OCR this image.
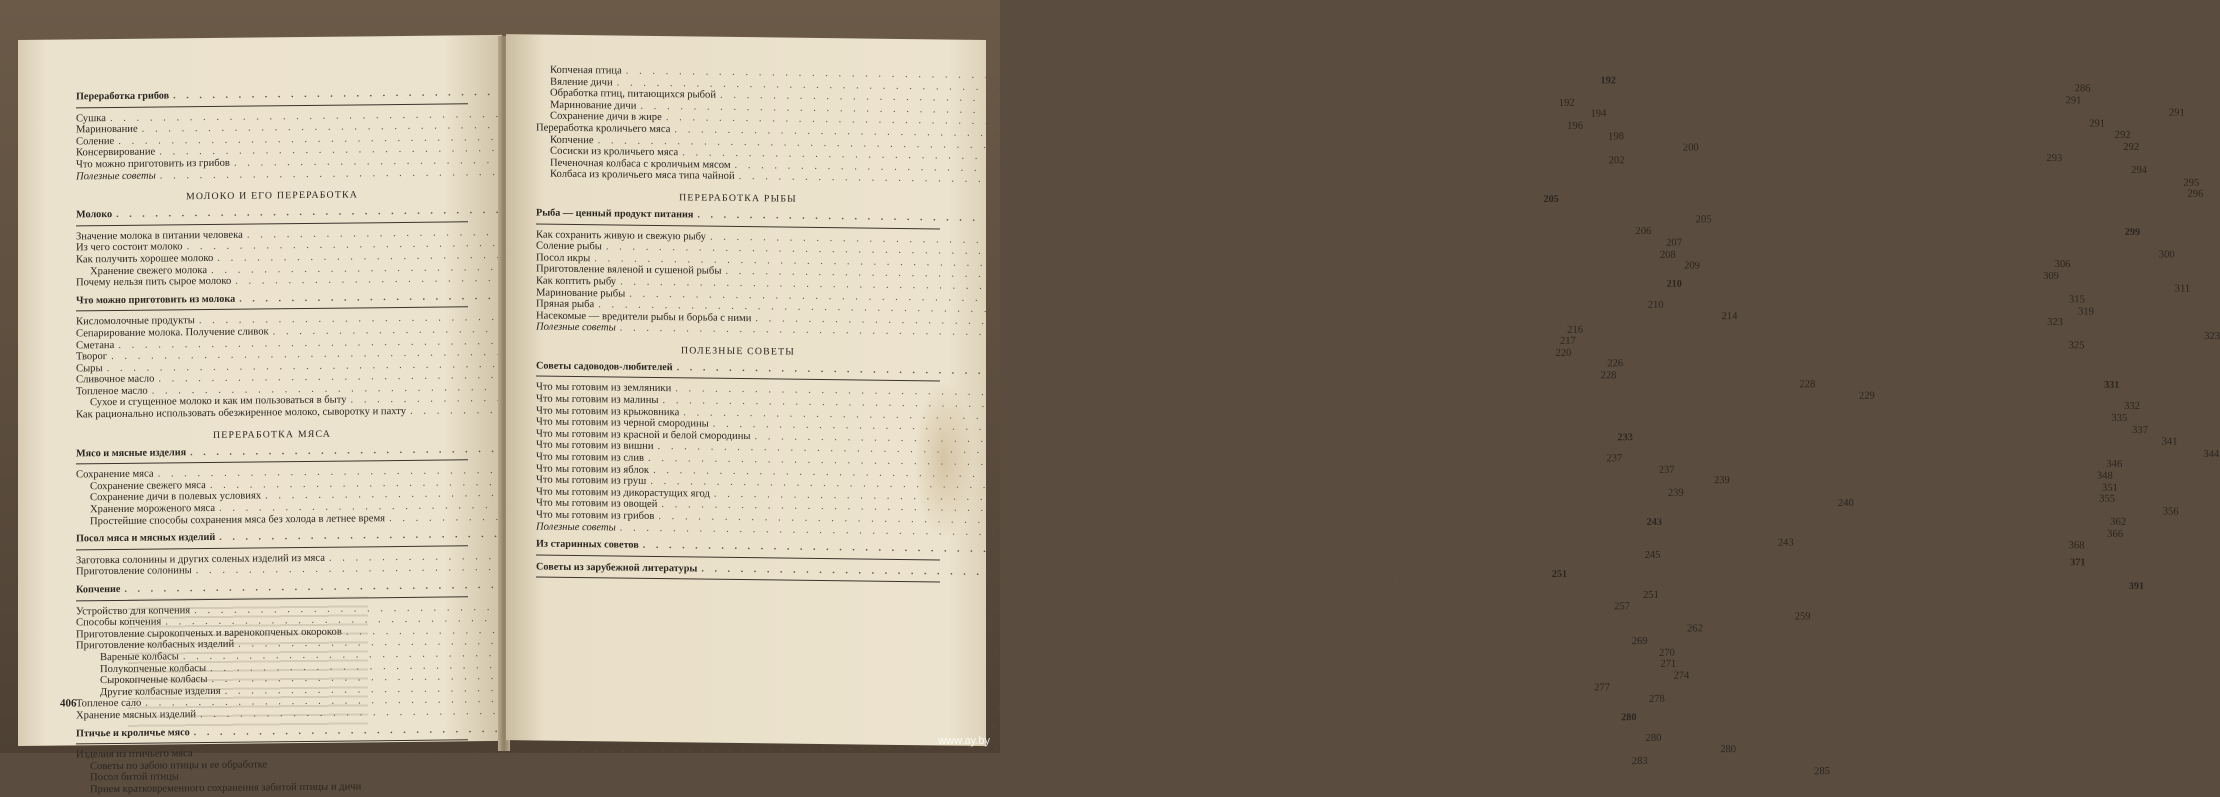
Переработка грибов
. . .
192
Сушка
. . .
192
Маринование
. . .
194
Соление
. . .
196
Консервирование
. . .
198
Что можно приготовить из грибов
. . .
200
Полезные советы
. . .
202
МОЛОКО И ЕГО ПЕРЕРАБОТКА
Молоко
. . .
205
Значение молока в питании человека
. . .
205
Из чего состоит молоко
. . .
206
Как получить хорошее молоко
. . .
207
Хранение свежего молока
. . .
208
Почему нельзя пить сырое молоко
. . .
209
Что можно приготовить из молока
. . .
210
Кисломолочные продукты
. . .
210
Сепарирование молока. Получение сливок
. . .
214
Сметана
. . .
216
Творог
. . .
217
Сыры
. . .
220
Сливочное масло
. . .
226
Топленое масло
. . .
228
Сухое и сгущенное молоко и как им пользоваться в быту
. . .
228
Как рационально использовать обезжиренное молоко, сыворотку и пахту
. . .
229
ПЕРЕРАБОТКА МЯСА
Мясо и мясные изделия
. . .
233
Сохранение мяса
. . .
237
Сохранение свежего мяса
. . .
237
Сохранение дичи в полевых условиях
. . .
239
Хранение мороженого мяса
. . .
239
Простейшие способы сохранения мяса без холода в летнее время
. . .
240
Посол мяса и мясных изделий
. . .
243
Заготовка солонины и других соленых изделий из мяса
. . .
243
Приготовление солонины
. . .
245
Копчение
. . .
251
Устройство для копчения
. . .
251
Способы копчения
. . .
257
Приготовление сырокопченых и варенокопченых окороков
. . .
259
Приготовление колбасных изделий
. . .
262
Вареные колбасы
. . .
269
Полукопченые колбасы
. . .
270
Сырокопченые колбасы
. . .
271
Другие колбасные изделия
. . .
274
Топленое сало
. . .
277
Хранение мясных изделий
. . .
278
Птичье и кроличье мясо
. . .
280
Изделия из птичьего мяса
. . .
280
Советы по забою птицы и ее обработке
. . .
280
Посол битой птицы
. . .
283
Прием кратковременного сохранения забитой птицы и дичи
. . .
285
406
Копченая птица
. . .
286
Вяление дичи
. . .
291
Обработка птиц, питающихся рыбой
. . .
291
Маринование дичи
. . .
291
Сохранение дичи в жире
. . .
292
Переработка кроличьего мяса
. . .
292
Копчение
. . .
293
Сосиски из кроличьего мяса
. . .
294
Печеночная колбаса с кроличьим мясом
. . .
295
Колбаса из кроличьего мяса типа чайной
. . .
296
ПЕРЕРАБОТКА РЫБЫ
Рыба — ценный продукт питания
. . .
299
Как сохранить живую и свежую рыбу
. . .
300
Соление рыбы
. . .
306
Посол икры
. . .
309
Приготовление вяленой и сушеной рыбы
. . .
311
Как коптить рыбу
. . .
315
Маринование рыбы
. . .
319
Пряная рыба
. . .
323
Насекомые — вредители рыбы и борьба с ними
. . .
323
Полезные советы
. . .
325
ПОЛЕЗНЫЕ СОВЕТЫ
Советы садоводов-любителей
. . .
331
Что мы готовим из земляники
. . .
332
Что мы готовим из малины
. . .
335
Что мы готовим из крыжовника
. . .
337
Что мы готовим из черной смородины
. . .
341
Что мы готовим из красной и белой смородины
. . .
344
Что мы готовим из вишни
. . .
346
Что мы готовим из слив
. . .
348
Что мы готовим из яблок
. . .
351
Что мы готовим из груш
. . .
355
Что мы готовим из дикорастущих ягод
. . .
356
Что мы готовим из овощей
. . .
362
Что мы готовим из грибов
. . .
366
Полезные советы
. . .
368
Из старинных советов
. . .
371
Советы из зарубежной литературы
. . .
391
www.ay.by
